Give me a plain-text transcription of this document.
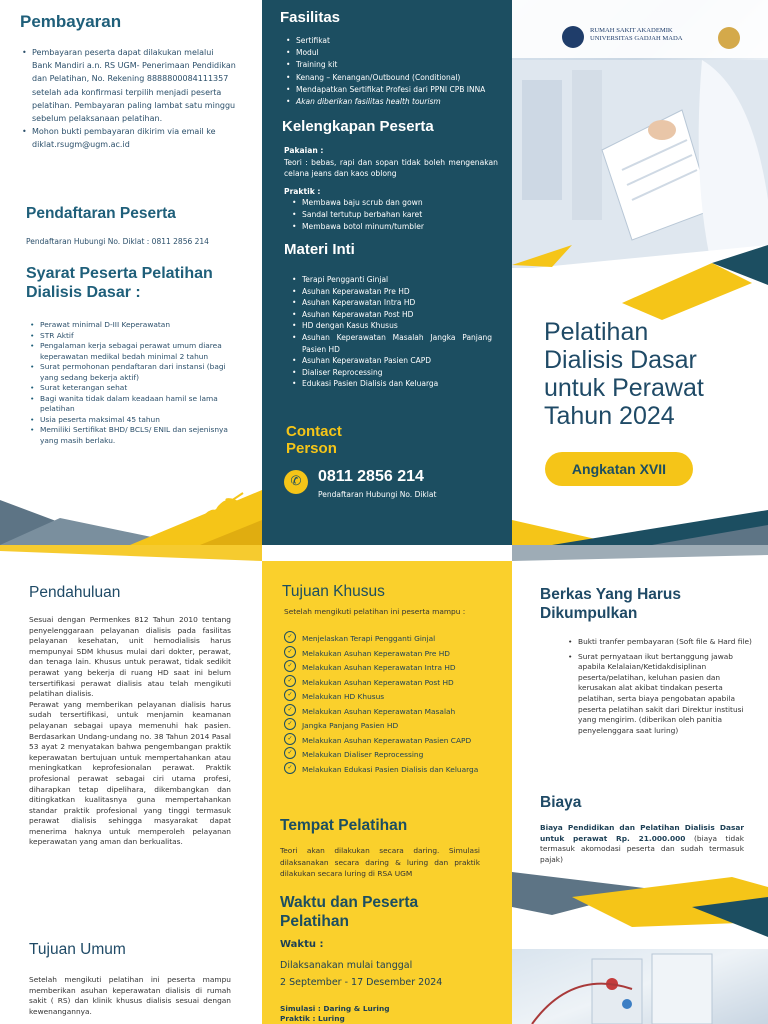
Pembayaran
• Pembayaran peserta dapat dilakukan melalui Bank Mandiri a.n. RS UGM- Penerimaan Pendidikan dan Pelatihan, No. Rekening 8888800084111357 setelah ada konfirmasi terpilih menjadi peserta pelatihan. Pembayaran paling lambat satu minggu sebelum pelaksanaan pelatihan.
• Mohon bukti pembayaran dikirim via email ke diklat.rsugm@ugm.ac.id
Pendaftaran Peserta
Pendaftaran Hubungi No. Diklat : 0811 2856 214
Syarat Peserta Pelatihan Dialisis Dasar :
• Perawat minimal D-III Keperawatan
• STR Aktif
• Pengalaman kerja sebagai perawat umum diarea keperawatan medikal bedah minimal 2 tahun
• Surat permohonan pendaftaran dari instansi (bagi yang sedang bekerja aktif)
• Surat keterangan sehat
• Bagi wanita tidak dalam keadaan hamil se lama pelatihan
• Usia peserta maksimal 45 tahun
• Memiliki Sertifikat BHD/ BCLS/ ENIL dan sejenisnya yang masih berlaku.
Fasilitas
• Sertifikat
• Modul
• Training kit
• Kenang – Kenangan/Outbound (Conditional)
• Mendapatkan Sertifikat Profesi dari PPNI CPB INNA
• Akan diberikan fasilitas health tourism
Kelengkapan Peserta
Pakaian :
Teori : bebas, rapi dan sopan tidak boleh mengenakan celana jeans dan kaos oblong
Praktik :
• Membawa baju scrub dan gown
• Sandal tertutup berbahan karet
• Membawa botol minum/tumbler
Materi Inti
• Terapi Pengganti Ginjal
• Asuhan Keperawatan Pre HD
• Asuhan Keperawatan Intra HD
• Asuhan Keperawatan Post HD
• HD dengan Kasus Khusus
• Asuhan Keperawatan Masalah Jangka Panjang Pasien HD
• Asuhan Keperawatan Pasien CAPD
• Dialiser Reprocessing
• Edukasi Pasien Dialisis dan Keluarga
Contact
Person
✆	0811 2856 214
Pendaftaran Hubungi No. Diklat
RUMAH SAKIT AKADEMIK
UNIVERSITAS GADJAH MADA
Pelatihan
Dialisis Dasar
untuk Perawat
Tahun 2024
Angkatan XVII
Pendahuluan

Sesuai dengan Permenkes 812 Tahun 2010 tentang penyelenggaraan pelayanan dialisis pada fasilitas pelayanan kesehatan, unit hemodialisis harus mempunyai SDM khusus mulai dari dokter, perawat, dan tenaga lain. Khusus untuk perawat, tidak sedikit perawat yang bekerja di ruang HD saat ini belum tersertifikasi perawat dialisis atau telah mengikuti pelatihan dialisis.

Perawat yang memberikan pelayanan dialisis harus sudah tersertifikasi, untuk menjamin keamanan pelayanan sebagai upaya memenuhi hak pasien. Berdasarkan Undang-undang no. 38 Tahun 2014 Pasal 53 ayat 2 menyatakan bahwa pengembangan praktik keperawatan bertujuan untuk mempertahankan atau meningkatkan keprofesionalan perawat. Praktik profesional perawat sebagai ciri utama profesi, diharapkan tetap dipelihara, dikembangkan dan ditingkatkan kualitasnya guna mempertahankan standar praktik profesional yang tinggi termasuk perawat dialisis sehingga masyarakat dapat menerima haknya untuk memperoleh pelayanan keperawatan yang aman dan berkualitas.

Tujuan Umum

Setelah mengikuti pelatihan ini peserta mampu memberikan asuhan keperawatan dialisis di rumah sakit ( RS) dan klinik khusus dialisis sesuai dengan kewenangannya.

Tujuan Khusus
Setelah mengikuti pelatihan ini peserta mampu :
✓ Menjelaskan Terapi Pengganti Ginjal
✓ Melakukan Asuhan Keperawatan Pre HD
✓ Melakukan Asuhan Keperawatan Intra HD
✓ Melakukan Asuhan Keperawatan Post HD
✓ Melakukan HD Khusus
✓ Melakukan Asuhan Keperawatan Masalah
✓ Jangka Panjang Pasien HD
✓ Melakukan Asuhan Keperawatan Pasien CAPD
✓ Melakukan Dialiser Reprocessing
✓ Melakukan Edukasi Pasien Dialisis dan Keluarga
Tempat Pelatihan

Teori akan dilakukan secara daring. Simulasi dilaksanakan secara daring & luring dan praktik dilakukan secara luring di RSA UGM

Waktu dan Peserta Pelatihan
Waktu :
Dilaksanakan mulai tanggal
2 September - 17 Desember 2024
Simulasi : Daring & Luring
Praktik : Luring
Berkas Yang Harus Dikumpulkan
• Bukti tranfer pembayaran (Soft file & Hard file)
• Surat pernyataan ikut bertanggung jawab apabila Kelalaian/Ketidakdisiplinan peserta/pelatihan, keluhan pasien dan kerusakan alat akibat tindakan peserta pelatihan, serta biaya pengobatan apabila peserta pelatihan sakit dari Direktur institusi yang mengirim. (diberikan oleh panitia penyelenggara saat luring)
Biaya

Biaya Pendidikan dan Pelatihan Dialisis Dasar untuk perawat Rp. 21.000.000 (biaya tidak termasuk akomodasi peserta dan sudah termasuk pajak)
